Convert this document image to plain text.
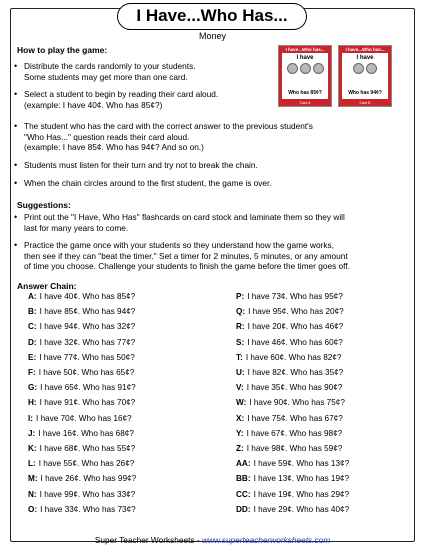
I Have...Who Has...
Money
How to play the game:
• Distribute the cards randomly to your students.
Some students may get more than one card.
• Select a student to begin by reading their card aloud.
(example: I have 40¢. Who has 85¢?)
• The student who has the card with the correct answer to the previous student's
"Who Has..." question reads their card aloud.
(example: I have 85¢. Who has 94¢? And so on.)
• Students must listen for their turn and try not to break the chain.
• When the chain circles around to the first student, the game is over.
Suggestions:
• Print out the "I Have, Who Has" flashcards on card stock and laminate them so they will
last for many years to come.
• Practice the game once with your students so they understand how the game works,
then see if they can "beat the timer." Set a timer for 2 minutes, 5 minutes, or any amount
of time you choose. Challenge your students to finish the game before the timer goes off.
Answer Chain:
A: I have 40¢. Who has 85¢?
B: I have 85¢. Who has 94¢?
C: I have 94¢. Who has 32¢?
D: I have 32¢. Who has 77¢?
E: I have 77¢. Who has 50¢?
F: I have 50¢. Who has 65¢?
G: I have 65¢. Who has 91¢?
H: I have 91¢. Who has 70¢?
I: I have 70¢. Who has 16¢?
J: I have 16¢. Who has 68¢?
K: I have 68¢. Who has 55¢?
L: I have 55¢. Who has 26¢?
M: I have 26¢. Who has 99¢?
N: I have 99¢. Who has 33¢?
O: I have 33¢. Who has 73¢?
P: I have 73¢. Who has 95¢?
Q: I have 95¢. Who has 20¢?
R: I have 20¢. Who has 46¢?
S: I have 46¢. Who has 60¢?
T: I have 60¢. Who has 82¢?
U: I have 82¢. Who has 35¢?
V: I have 35¢. Who has 90¢?
W: I have 90¢. Who has 75¢?
X: I have 75¢. Who has 67¢?
Y: I have 67¢. Who has 98¢?
Z: I have 98¢. Who has 59¢?
AA: I have 59¢. Who has 13¢?
BB: I have 13¢. Who has 19¢?
CC: I have 19¢. Who has 29¢?
DD: I have 29¢. Who has 40¢?
I have...Who has...
I have
Who has 85¢?
Card A
I have...Who has...
I have
Who has 94¢?
Card B
Super Teacher Worksheets - www.superteacherworksheets.com
